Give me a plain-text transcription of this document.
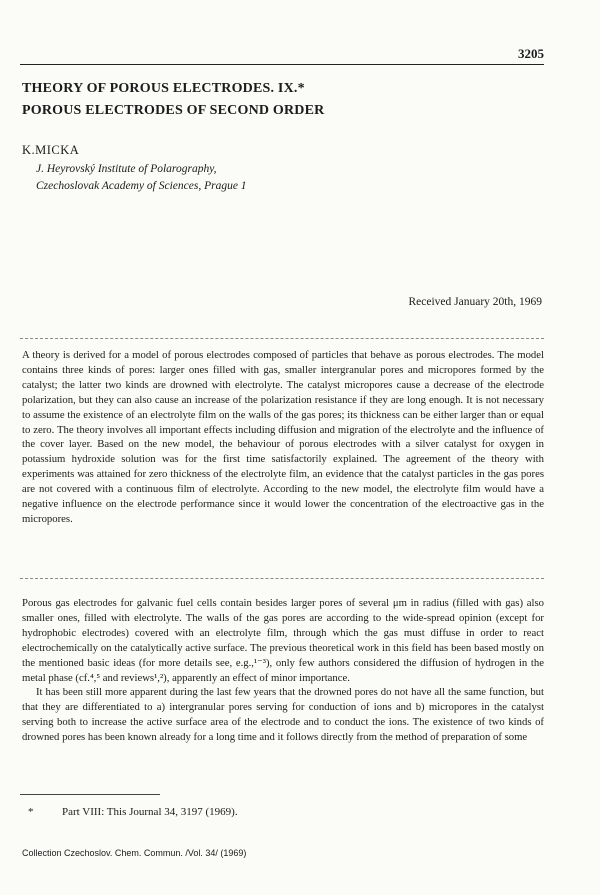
3205
THEORY OF POROUS ELECTRODES. IX.*
POROUS ELECTRODES OF SECOND ORDER
K.MICKA
J. Heyrovský Institute of Polarography,
Czechoslovak Academy of Sciences, Prague 1
Received January 20th, 1969
A theory is derived for a model of porous electrodes composed of particles that behave as porous electrodes. The model contains three kinds of pores: larger ones filled with gas, smaller intergranular pores and micropores formed by the catalyst; the latter two kinds are drowned with electrolyte. The catalyst micropores cause a decrease of the electrode polarization, but they can also cause an increase of the polarization resistance if they are long enough. It is not necessary to assume the existence of an electrolyte film on the walls of the gas pores; its thickness can be either larger than or equal to zero. The theory involves all important effects including diffusion and migration of the electrolyte and the influence of the cover layer. Based on the new model, the behaviour of porous electrodes with a silver catalyst for oxygen in potassium hydroxide solution was for the first time satisfactorily explained. The agreement of the theory with experiments was attained for zero thickness of the electrolyte film, an evidence that the catalyst particles in the gas pores are not covered with a continuous film of electrolyte. According to the new model, the electrolyte film would have a negative influence on the electrode performance since it would lower the concentration of the electroactive gas in the micropores.

Porous gas electrodes for galvanic fuel cells contain besides larger pores of several μm in radius (filled with gas) also smaller ones, filled with electrolyte. The walls of the gas pores are according to the wide-spread opinion (except for hydrophobic electrodes) covered with an electrolyte film, through which the gas must diffuse in order to react electrochemically on the catalytically active surface. The previous theoretical work in this field has been based mostly on the mentioned basic ideas (for more details see, e.g.,¹⁻³), only few authors considered the diffusion of hydrogen in the metal phase (cf.⁴,⁵ and reviews¹,²), apparently an effect of minor importance.

It has been still more apparent during the last few years that the drowned pores do not have all the same function, but that they are differentiated to a) intergranular pores serving for conduction of ions and b) micropores in the catalyst serving both to increase the active surface area of the electrode and to conduct the ions. The existence of two kinds of drowned pores has been known already for a long time and it follows directly from the method of preparation of some

*	Part VIII: This Journal 34, 3197 (1969).
Collection Czechoslov. Chem. Commun. /Vol. 34/ (1969)
